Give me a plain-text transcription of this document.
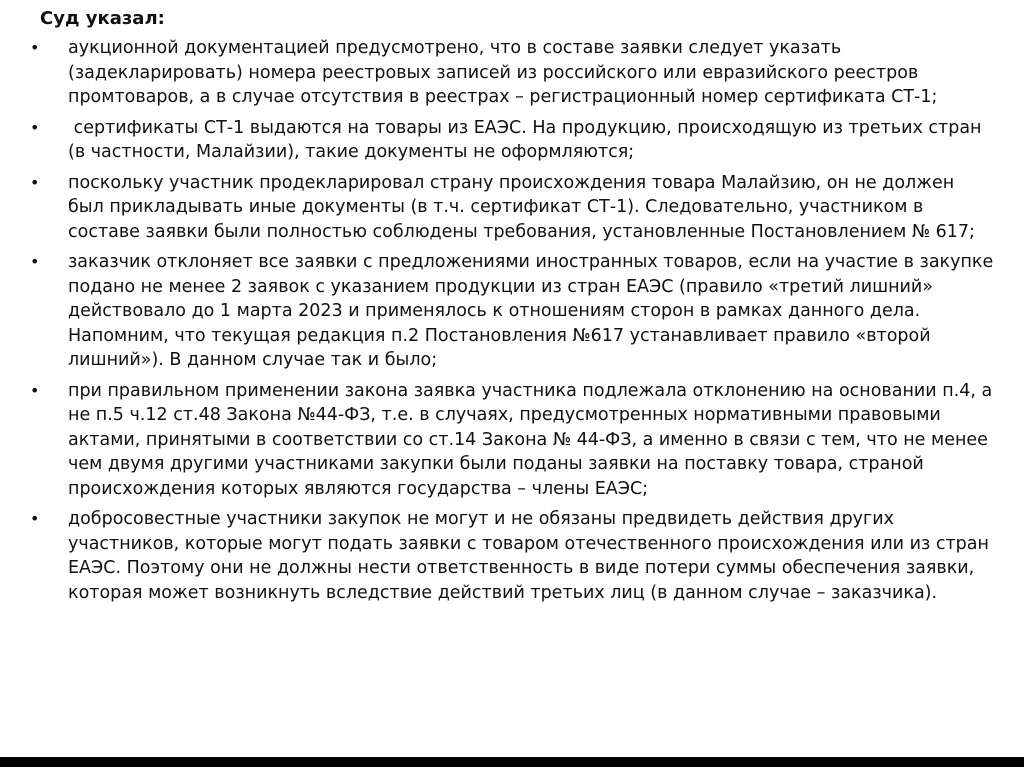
Суд указал:

• аукционной документацией предусмотрено, что в составе заявки следует указать (задекларировать) номера реестровых записей из российского или евразийского реестров промтоваров, а в случае отсутствия в реестрах – регистрационный номер сертификата СТ-1;
• сертификаты СТ-1 выдаются на товары из ЕАЭС. На продукцию, происходящую из третьих стран (в частности, Малайзии), такие документы не оформляются;
• поскольку участник продекларировал страну происхождения товара Малайзию, он не должен был прикладывать иные документы (в т.ч. сертификат СТ-1). Следовательно, участником в составе заявки были полностью соблюдены требования, установленные Постановлением № 617;
• заказчик отклоняет все заявки с предложениями иностранных товаров, если на участие в закупке подано не менее 2 заявок с указанием продукции из стран ЕАЭС (правило «третий лишний» действовало до 1 марта 2023 и применялось к отношениям сторон в рамках данного дела. Напомним, что текущая редакция п.2 Постановления №617 устанавливает правило «второй лишний»). В данном случае так и было;
• при правильном применении закона заявка участника подлежала отклонению на основании п.4, а не п.5 ч.12 ст.48 Закона №44-ФЗ, т.е. в случаях, предусмотренных нормативными правовыми актами, принятыми в соответствии со ст.14 Закона № 44-ФЗ, а именно в связи с тем, что не менее чем двумя другими участниками закупки были поданы заявки на поставку товара, страной происхождения которых являются государства – члены ЕАЭС;
• добросовестные участники закупок не могут и не обязаны предвидеть действия других участников, которые могут подать заявки с товаром отечественного происхождения или из стран ЕАЭС. Поэтому они не должны нести ответственность в виде потери суммы обеспечения заявки, которая может возникнуть вследствие действий третьих лиц (в данном случае – заказчика).
